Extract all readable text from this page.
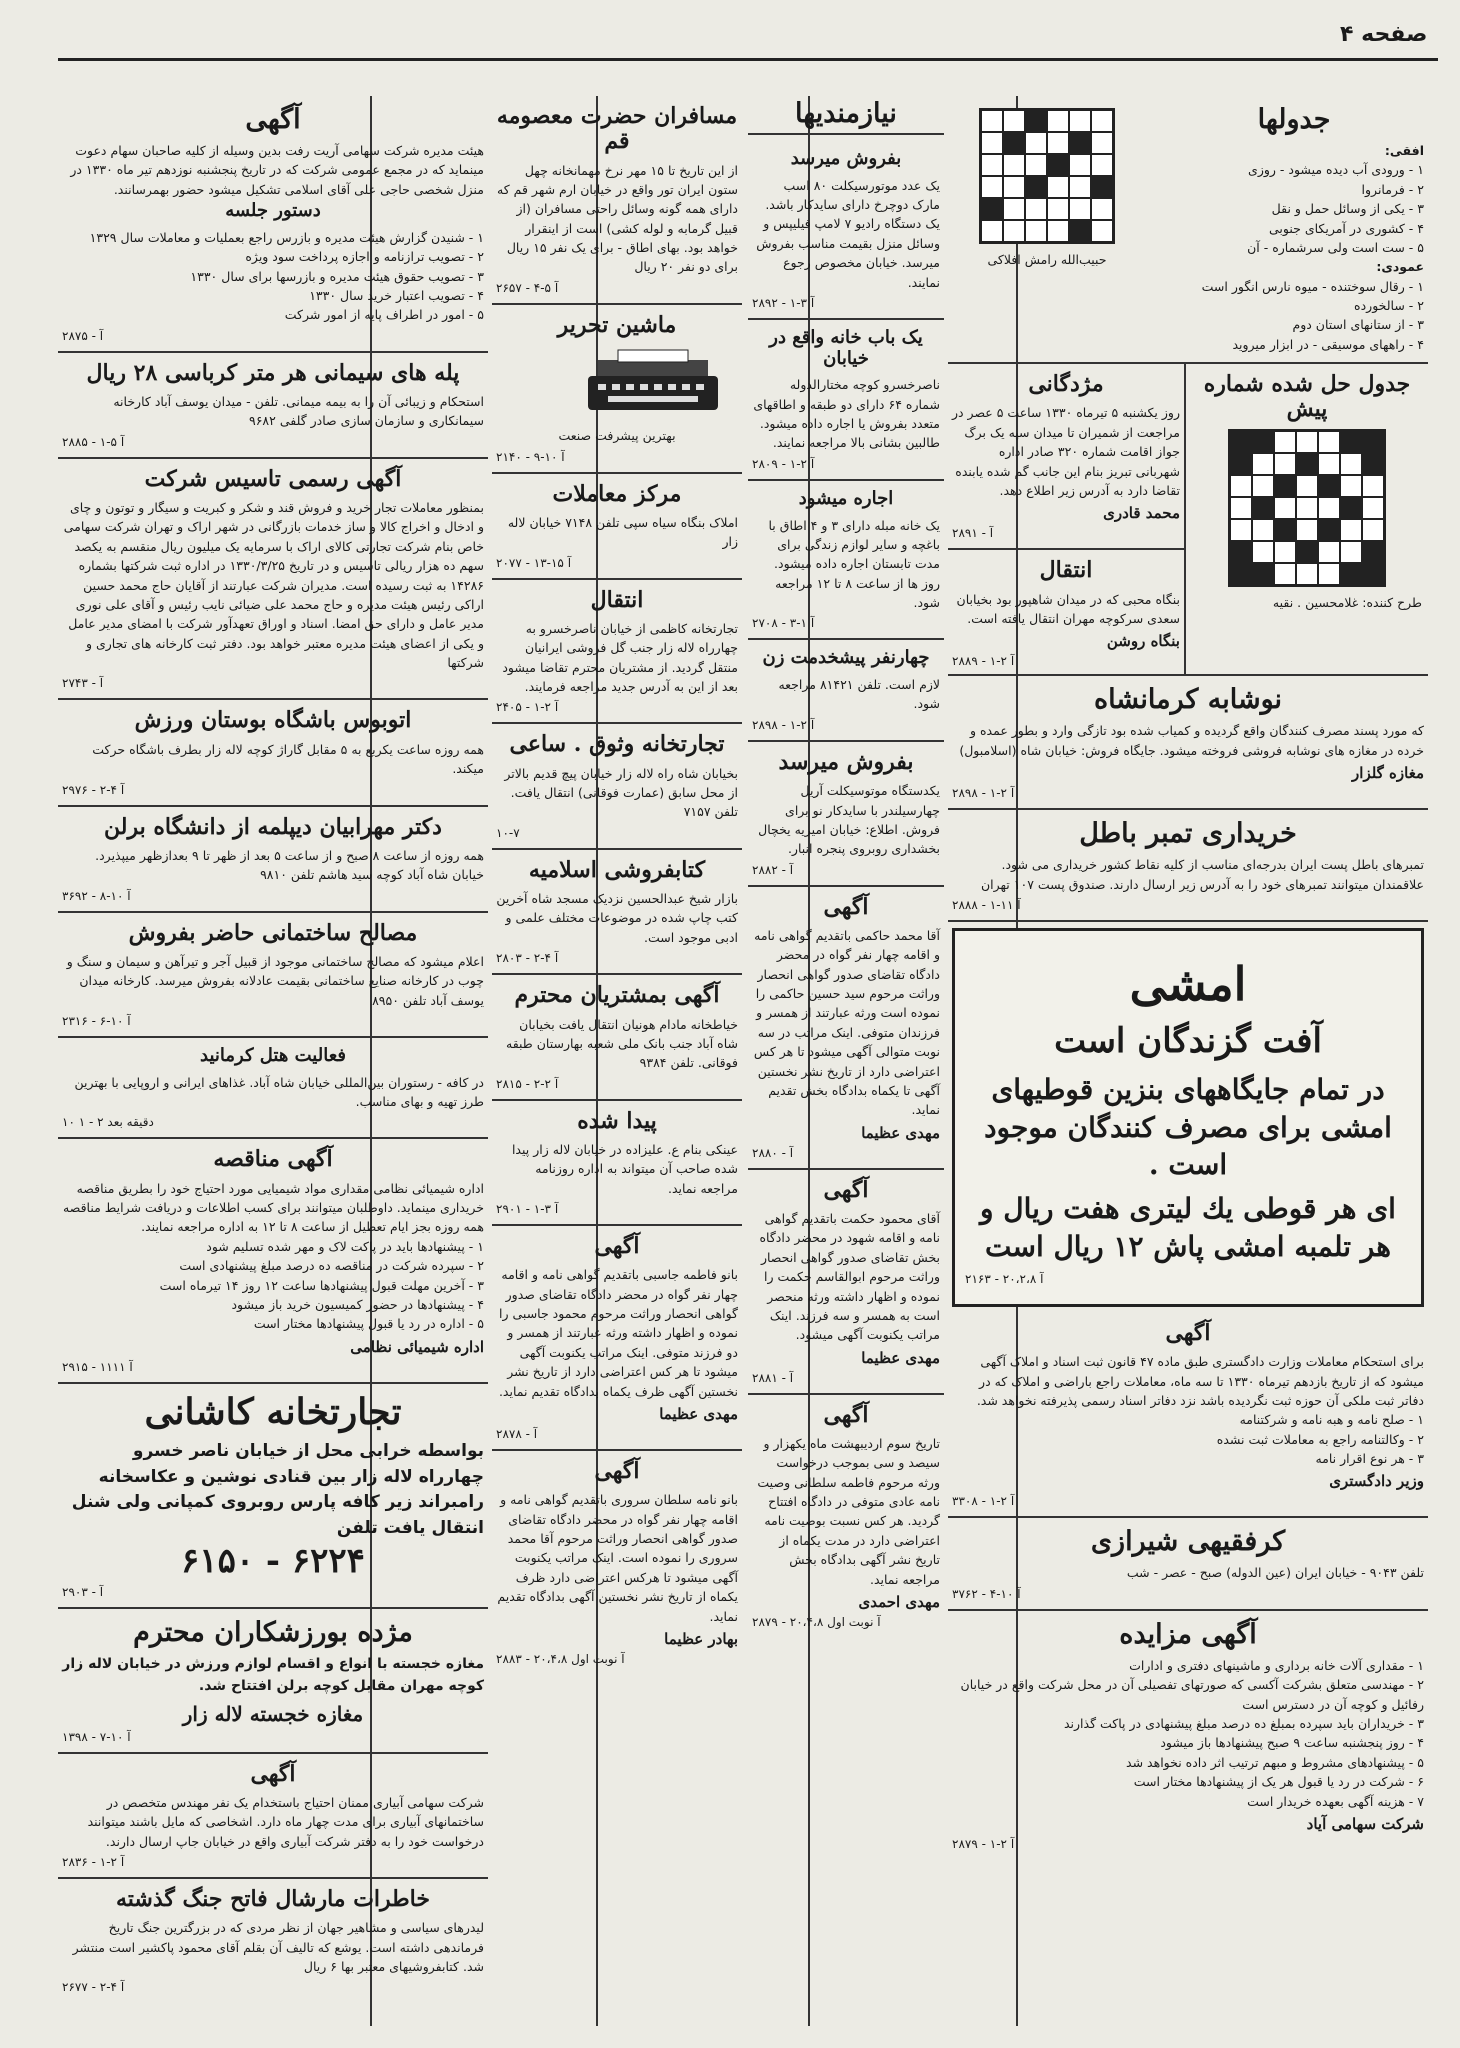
صفحه ۴
جدولها
افقی:
۱ - ورودی آب دیده میشود - روزی
۲ - فرمانروا
۳ - یکی از وسائل حمل و نقل
۴ - کشوری در آمریکای جنوبی
۵ - ست است ولی سرشماره - آن
عمودی:
حبیب‌الله رامش افلاکی
۱ - رقال سوختنده - میوه نارس انگور است
۲ - سالخورده
۳ - از ستانهای استان دوم
۴ - راههای موسیقی - در ابزار میروید
جدول حل شده شماره پیش
طرح کننده: غلامحسین . نقیه
مژدگانی

روز یکشنبه ۵ تیرماه ۱۳۳۰ ساعت ۵ عصر در مراجعت از شمیران تا میدان سپه یک برگ جواز اقامت شماره ۳۲۰ صادر اداره شهربانی تبریز بنام این جانب گم شده یابنده تقاضا دارد به آدرس زیر اطلاع دهد.

محمد قادری
۲۸۹۱ - آ
انتقال

بنگاه محبی که در میدان شاهپور بود بخیابان سعدی سرکوچه مهران انتقال یافته است.

بنگاه روشن
۲۸۸۹ - آ ۲-۱
نوشابه کرمانشاه

که مورد پسند مصرف کنندگان واقع گردیده و کمیاب شده بود تازگی وارد و بطور عمده و خرده در مغازه های نوشابه فروشی فروخته میشود. جایگاه فروش: خیابان شاه (اسلامبول)

مغازه گلزار
۲۸۹۸ - آ ۲-۱
خریداری تمبر باطل

تمبرهای باطل پست ایران بدرجه‌ای مناسب از کلیه نقاط کشور خریداری می شود. علاقمندان میتوانند تمبرهای خود را به آدرس زیر ارسال دارند. صندوق پست ۱۰۷ تهران

۲۸۸۸ - آ ۱۱-۱
امشی
آفت گزندگان است
در تمام جایگاههای بنزین قوطیهای امشی برای مصرف کنندگان موجود است .
ای هر قوطی یك لیتری هفت ریال و هر تلمبه امشی پاش ۱۲ ریال است
۲۱۶۳ - آ ۲۰،۲،۸
آگهی

برای استحکام معاملات وزارت دادگستری طبق ماده ۴۷ قانون ثبت اسناد و املاک آگهی میشود که از تاریخ بازدهم تیرماه ۱۳۳۰ تا سه ماه، معاملات راجع باراضی و املاک که در دفاتر ثبت ملکی آن حوزه ثبت نگردیده باشد نزد دفاتر اسناد رسمی پذیرفته نخواهد شد.

۱ - صلح نامه و هبه نامه و شرکتنامه
۲ - وکالتنامه راجع به معاملات ثبت نشده
۳ - هر نوع اقرار نامه
وزیر دادگستری
۳۳۰۸ - آ ۲-۱
کرفقیهی شیرازی

تلفن ۹۰۴۳ - خیابان ایران (عین الدوله) صبح - عصر - شب

۳۷۶۲ - آ ۱۰-۴
آگهی مزایده
۱ - مقداری آلات خانه برداری و ماشینهای دفتری و ادارات
۲ - مهندسی متعلق بشرکت آکسی که صورتهای تفصیلی آن در محل شرکت واقع در خیابان رفائیل و کوچه آن در دسترس است
۳ - خریداران باید سپرده بمبلغ ده درصد مبلغ پیشنهادی در پاکت گذارند
۴ - روز پنجشنبه ساعت ۹ صبح پیشنهادها باز میشود
۵ - پیشنهادهای مشروط و مبهم ترتیب اثر داده نخواهد شد
۶ - شرکت در رد یا قبول هر یک از پیشنهادها مختار است
۷ - هزینه آگهی بعهده خریدار است
شرکت سهامی آیاد
۲۸۷۹ - آ ۲-۱
نیازمندیها
بفروش میرسد

یک عدد موتورسیکلت ۸۰ اسب مارک دوچرخ دارای سایدکار باشد. یک دستگاه رادیو ۷ لامپ فیلیپس و وسائل منزل بقیمت مناسب بفروش میرسد. خیابان مخصوص رجوع نمایند.

۲۸۹۲ - آ ۳-۱
یک باب خانه واقع در خیابان

ناصرخسرو کوچه مختارالدوله شماره ۶۴ دارای دو طبقه و اطاقهای متعدد بفروش یا اجاره داده میشود. طالبین بشانی بالا مراجعه نمایند.

۲۸۰۹ - آ ۲-۱
اجاره میشود

یک خانه مبله دارای ۳ و ۴ اطاق با باغچه و سایر لوازم زندگی برای مدت تابستان اجاره داده میشود. روز ها از ساعت ۸ تا ۱۲ مراجعه شود.

۲۷۰۸ - آ ۱-۳
چهارنفر پیشخدمت زن

لازم است. تلفن ۸۱۴۲۱ مراجعه شود.

۲۸۹۸ - آ ۲-۱
بفروش میرسد

یکدستگاه موتوسیکلت آریل چهارسیلندر با سایدکار نو برای فروش. اطلاع: خیابان امیریه یخچال بخشداری روبروی پنجره انبار.

۲۸۸۲ - آ
آگهی

آقا محمد حاکمی باتقدیم گواهی نامه و اقامه چهار نفر گواه در محضر دادگاه تقاضای صدور گواهی انحصار وراثت مرحوم سید حسین حاکمی را نموده است ورثه عبارتند از همسر و فرزندان متوفی. اینک مراتب در سه نوبت متوالی آگهی میشود تا هر کس اعتراضی دارد از تاریخ نشر نخستین آگهی تا یکماه بدادگاه بخش تقدیم نماید.

مهدی عظیما
۲۸۸۰ - آ
آگهی

آقای محمود حکمت باتقدیم گواهی نامه و اقامه شهود در محضر دادگاه بخش تقاضای صدور گواهی انحصار وراثت مرحوم ابوالقاسم حکمت را نموده و اظهار داشته ورثه منحصر است به همسر و سه فرزند. اینک مراتب یکنوبت آگهی میشود.

مهدی عظیما
۲۸۸۱ - آ
آگهی

تاریخ سوم اردیبهشت ماه یکهزار و سیصد و سی بموجب درخواست ورثه مرحوم فاطمه سلطانی وصیت نامه عادی متوفی در دادگاه افتتاح گردید. هر کس نسبت بوصیت نامه اعتراضی دارد در مدت یکماه از تاریخ نشر آگهی بدادگاه بخش مراجعه نماید.

مهدی احمدی
۲۸۷۹ - آ نوبت اول ۲۰،۴،۸
مسافران حضرت معصومه قم

از این تاریخ تا ۱۵ مهر نرخ مهمانخانه چهل ستون ایران تور واقع در خیابان ارم شهر قم که دارای همه گونه وسائل راحتی مسافران (از قبیل گرمابه و لوله کشی) است از اینقرار خواهد بود. بهای اطاق - برای یک نفر ۱۵ ریال برای دو نفر ۲۰ ریال

۲۶۵۷ - آ ۵-۴
ماشین تحریر

بهترین پیشرفت صنعت

۲۱۴۰ - آ ۱۰-۹
مرکز معاملات

املاک بنگاه سیاه سپی تلفن ۷۱۴۸ خیابان لاله زار

۲۰۷۷ - آ ۱۵-۱۳
انتقال

تجارتخانه کاظمی از خیابان ناصرخسرو به چهارراه لاله زار جنب گل فروشی ایرانیان منتقل گردید. از مشتریان محترم تقاضا میشود بعد از این به آدرس جدید مراجعه فرمایند.

۲۴۰۵ - آ ۲-۱
تجارتخانه وثوق . ساعی

بخیابان شاه راه لاله زار خیابان پیچ قدیم بالاتر از محل سابق (عمارت فوقانی) انتقال یافت. تلفن ۷۱۵۷

۱۰-۷
کتابفروشی اسلامیه

بازار شیخ عبدالحسین نزدیک مسجد شاه آخرین کتب چاپ شده در موضوعات مختلف علمی و ادبی موجود است.

۲۸۰۳ - آ ۴-۲
آگهی بمشتریان محترم

خیاطخانه مادام هونیان انتقال یافت بخیابان شاه آباد جنب بانک ملی شعبه بهارستان طبقه فوقانی. تلفن ۹۳۸۴

۲۸۱۵ - آ ۲-۲
پیدا شده

عینکی بنام ع. علیزاده در خیابان لاله زار پیدا شده صاحب آن میتواند به اداره روزنامه مراجعه نماید.

۲۹۰۱ - آ ۳-۱
آگهی

بانو فاطمه جاسبی باتقدیم گواهی نامه و اقامه چهار نفر گواه در محضر دادگاه تقاضای صدور گواهی انحصار وراثت مرحوم محمود جاسبی را نموده و اظهار داشته ورثه عبارتند از همسر و دو فرزند متوفی. اینک مراتب یکنوبت آگهی میشود تا هر کس اعتراضی دارد از تاریخ نشر نخستین آگهی ظرف یکماه بدادگاه تقدیم نماید.

مهدی عظیما
۲۸۷۸ - آ
آگهی

بانو نامه سلطان سروری باتقدیم گواهی نامه و اقامه چهار نفر گواه در محضر دادگاه تقاضای صدور گواهی انحصار وراثت مرحوم آقا محمد سروری را نموده است. اینک مراتب یکنوبت آگهی میشود تا هرکس اعتراضی دارد ظرف یکماه از تاریخ نشر نخستین آگهی بدادگاه تقدیم نماید.

بهادر عظیما
۲۸۸۳ - آ نوبت اول ۲۰،۴،۸
آگهی

هیئت مدیره شرکت سهامی آریت رفت بدین وسیله از کلیه صاحبان سهام دعوت مینماید که در مجمع عمومی شرکت که در تاریخ پنجشنبه نوزدهم تیر ماه ۱۳۳۰ در منزل شخصی حاجی علی آقای اسلامی تشکیل میشود حضور بهمرسانند.

دستور جلسه
۱ - شنیدن گزارش هیئت مدیره و بازرس راجع بعملیات و معاملات سال ۱۳۲۹
۲ - تصویب ترازنامه و اجازه پرداخت سود ویژه
۳ - تصویب حقوق هیئت مدیره و بازرسها برای سال ۱۳۳۰
۴ - تصویب اعتبار خرید سال ۱۳۳۰
۵ - امور در اطراف پایه از امور شرکت
۲۸۷۵ - آ
پله های سیمانی هر متر کرباسی ۲۸ ریال

استحکام و زیبائی آن را به بیمه میمانی. تلفن - میدان یوسف آباد کارخانه سیمانکاری و سازمان سازی صادر گلفی ۹۶۸۲

۲۸۸۵ - آ ۵-۱
آگهی رسمی تاسیس شرکت

بمنظور معاملات تجار خرید و فروش قند و شکر و کبریت و سیگار و توتون و چای و ادخال و اخراج کالا و ساز خدمات بازرگانی در شهر اراک و تهران شرکت سهامی خاص بنام شرکت تجارتی کالای اراک با سرمایه یک میلیون ریال منقسم به یکصد سهم ده هزار ریالی تاسیس و در تاریخ ۱۳۳۰/۳/۲۵ در اداره ثبت شرکتها بشماره ۱۴۲۸۶ به ثبت رسیده است. مدیران شرکت عبارتند از آقایان حاج محمد حسین اراکی رئیس هیئت مدیره و حاج محمد علی ضیائی نایب رئیس و آقای علی نوری مدیر عامل و دارای حق امضا. اسناد و اوراق تعهدآور شرکت با امضای مدیر عامل و یکی از اعضای هیئت مدیره معتبر خواهد بود. دفتر ثبت کارخانه های تجاری و شرکتها

۲۷۴۳ - آ
اتوبوس باشگاه بوستان ورزش

همه روزه ساعت یکربع به ۵ مقابل گاراژ کوچه لاله زار بطرف باشگاه حرکت میکند.

۲۹۷۶ - آ ۴-۲
دکتر مهرابیان دیپلمه از دانشگاه برلن

همه روزه از ساعت ۸ صبح و از ساعت ۵ بعد از ظهر تا ۹ بعدازظهر میپذیرد. خیابان شاه آباد کوچه سید هاشم تلفن ۹۸۱۰

۳۶۹۲ - آ ۱۰-۸
مصالح ساختمانی حاضر بفروش

اعلام میشود که مصالح ساختمانی موجود از قبیل آجر و تیرآهن و سیمان و سنگ و چوب در کارخانه صنایع ساختمانی بقیمت عادلانه بفروش میرسد. کارخانه میدان یوسف آباد تلفن ۸۹۵۰

۲۳۱۶ - آ ۱۰-۶
فعالیت هتل کرمانید

در کافه - رستوران بین‌المللی خیابان شاه آباد. غذاهای ایرانی و اروپایی با بهترین طرز تهیه و بهای مناسب.

۱۰ دقیقه بعد ۲ - ۱
آگهی مناقصه

اداره شیمیائی نظامی مقداری مواد شیمیایی مورد احتیاج خود را بطریق مناقصه خریداری مینماید. داوطلبان میتوانند برای کسب اطلاعات و دریافت شرایط مناقصه همه روزه بجز ایام تعطیل از ساعت ۸ تا ۱۲ به اداره مراجعه نمایند.

۱ - پیشنهادها باید در پاکت لاک و مهر شده تسلیم شود
۲ - سپرده شرکت در مناقصه ده درصد مبلغ پیشنهادی است
۳ - آخرین مهلت قبول پیشنهادها ساعت ۱۲ روز ۱۴ تیرماه است
۴ - پیشنهادها در حضور کمیسیون خرید باز میشود
۵ - اداره در رد یا قبول پیشنهادها مختار است
اداره شیمیائی نظامی
۲۹۱۵ - آ ۱۱۱۱
تجارتخانه کاشانی

بواسطه خرابی محل از خیابان ناصر خسرو چهارراه لاله زار بین قنادی نوشین و عکاسخانه رامبراند زیر کافه پارس روبروی کمپانی ولی شنل انتقال یافت تلفن

۶۱۵۰ - ۶۲۲۴
۲۹۰۳ - آ
مژده بورزشکاران محترم

مغازه خجسته با انواع و اقسام لوازم ورزش در خیابان لاله زار کوچه مهران مقابل کوچه برلن افتتاح شد.

مغازه خجسته لاله زار
۱۳۹۸ - آ ۱۰-۷
آگهی

شرکت سهامی آبیاری ممنان احتیاج باستخدام یک نفر مهندس متخصص در ساختمانهای آبیاری برای مدت چهار ماه دارد. اشخاصی که مایل باشند میتوانند درخواست خود را به دفتر شرکت آبیاری واقع در خیابان جاپ ارسال دارند.

۲۸۳۶ - آ ۲-۱
خاطرات مارشال فاتح جنگ گذشته

لیدرهای سیاسی و مشاهیر جهان از نظر مردی که در بزرگترین جنگ تاریخ فرماندهی داشته است. یوشع که تالیف آن بقلم آقای محمود پاکشیر است منتشر شد. کتابفروشیهای معتبر بها ۶ ریال

۲۶۷۷ - آ ۴-۲
